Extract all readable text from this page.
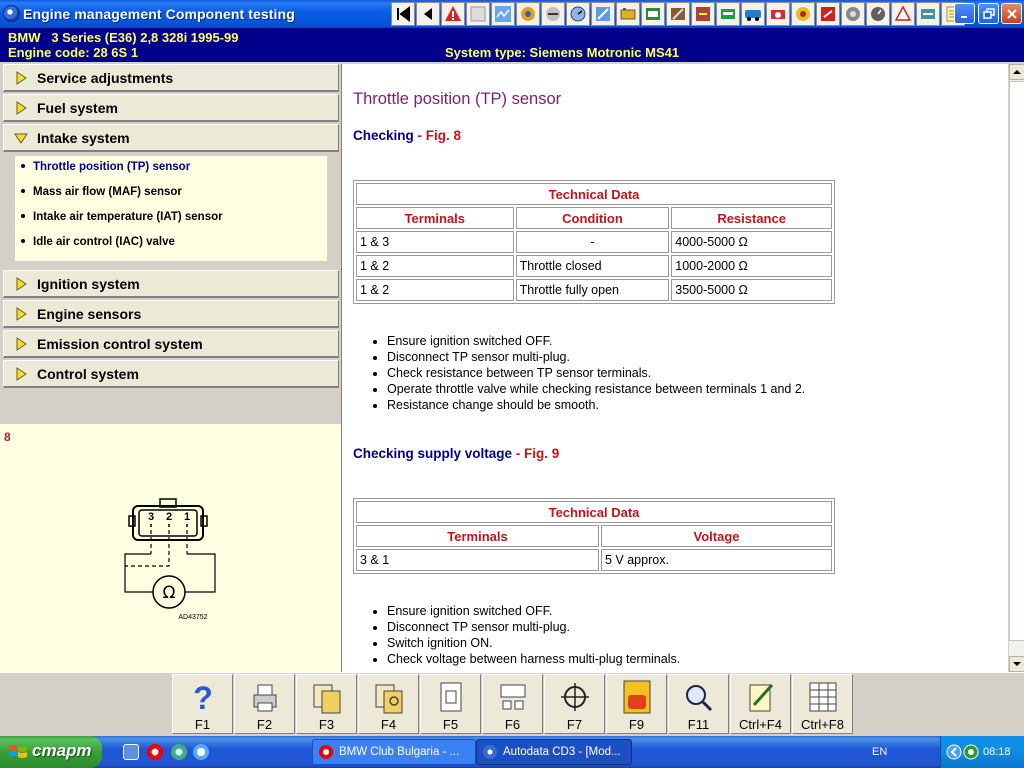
Engine management Component testing
BMW   3 Series (E36) 2,8 328i 1995-99
Engine code: 28 6S 1	System type: Siemens Motronic MS41
Throttle position (TP) sensor
Mass air flow (MAF) sensor
Intake air temperature (IAT) sensor
Idle air control (IAC) valve
Service adjustments
Fuel system
Intake system
Ignition system
Engine sensors
Emission control system
Control system
8
3 2 1
Ω
AD43752
Throttle position (TP) sensor
Checking - Fig. 8
Technical Data		
Terminals	Condition	Resistance
1 & 3	-	4000-5000 Ω
1 & 2	Throttle closed	1000-2000 Ω
1 & 2	Throttle fully open	3500-5000 Ω
• Ensure ignition switched OFF.
• Disconnect TP sensor multi-plug.
• Check resistance between TP sensor terminals.
• Operate throttle valve while checking resistance between terminals 1 and 2.
• Resistance change should be smooth.
Checking supply voltage - Fig. 9
Technical Data	
Terminals	Voltage
3 & 1	5 V approx.
• Ensure ignition switched OFF.
• Disconnect TP sensor multi-plug.
• Switch ignition ON.
• Check voltage between harness multi-plug terminals.
?
F1	F2	F3	F4	F5	F6	F7	F9	F11	Ctrl+F4	Ctrl+F8
старт	BMW Club Bulgaria - ...	Autodata CD3 - [Mod...	EN	08:18
